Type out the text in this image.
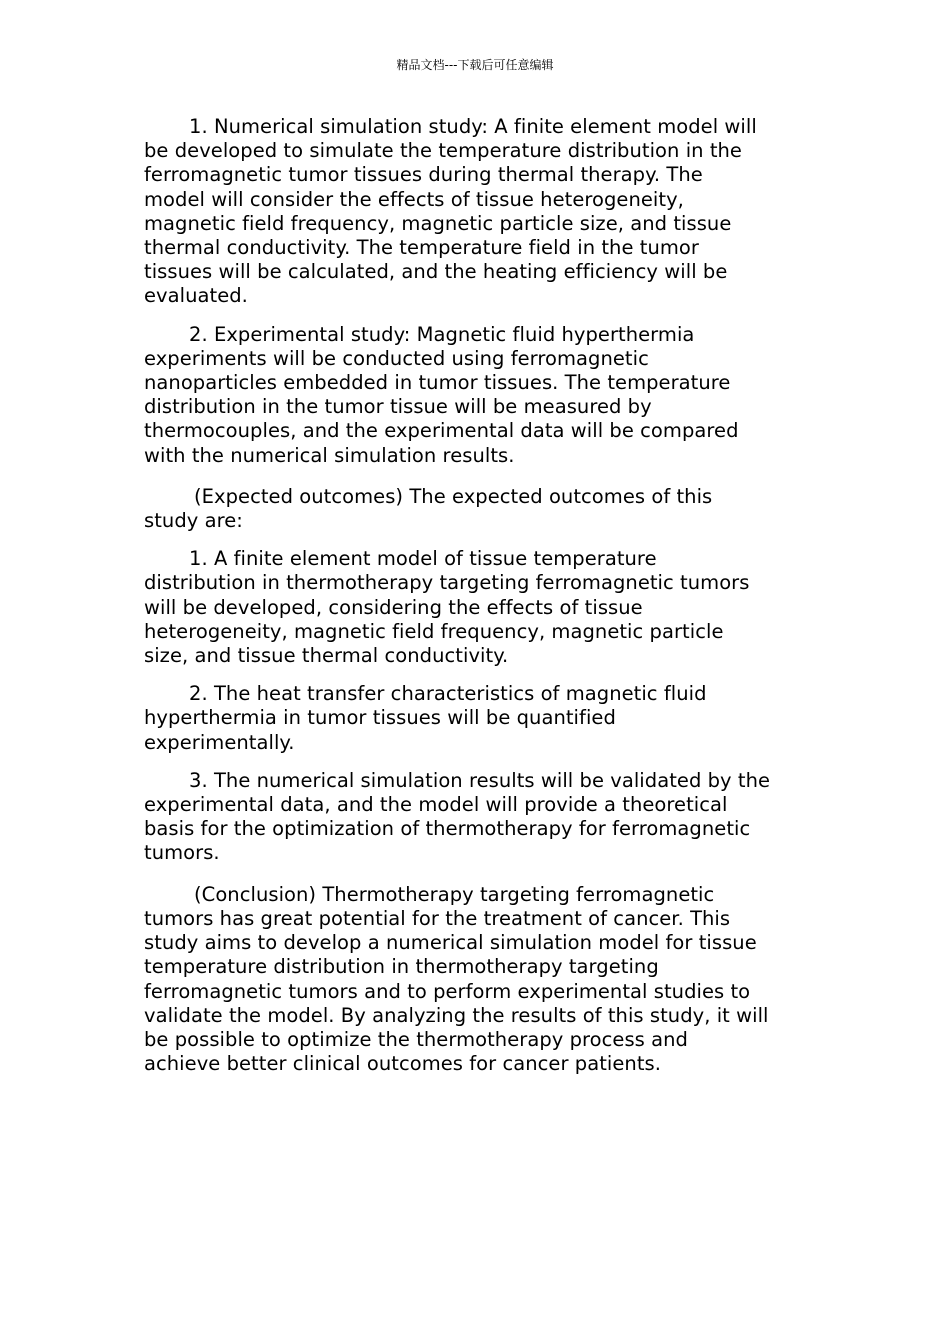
精品文档---下载后可任意编辑

1. Numerical simulation study: A finite element model will
be developed to simulate the temperature distribution in the
ferromagnetic tumor tissues during thermal therapy. The
model will consider the effects of tissue heterogeneity,
magnetic field frequency, magnetic particle size, and tissue
thermal conductivity. The temperature field in the tumor
tissues will be calculated, and the heating efficiency will be
evaluated.

2. Experimental study: Magnetic fluid hyperthermia
experiments will be conducted using ferromagnetic
nanoparticles embedded in tumor tissues. The temperature
distribution in the tumor tissue will be measured by
thermocouples, and the experimental data will be compared
with the numerical simulation results.

(Expected outcomes) The expected outcomes of this
study are:

1. A finite element model of tissue temperature
distribution in thermotherapy targeting ferromagnetic tumors
will be developed, considering the effects of tissue
heterogeneity, magnetic field frequency, magnetic particle
size, and tissue thermal conductivity.

2. The heat transfer characteristics of magnetic fluid
hyperthermia in tumor tissues will be quantified
experimentally.

3. The numerical simulation results will be validated by the
experimental data, and the model will provide a theoretical
basis for the optimization of thermotherapy for ferromagnetic
tumors.

(Conclusion) Thermotherapy targeting ferromagnetic
tumors has great potential for the treatment of cancer. This
study aims to develop a numerical simulation model for tissue
temperature distribution in thermotherapy targeting
ferromagnetic tumors and to perform experimental studies to
validate the model. By analyzing the results of this study, it will
be possible to optimize the thermotherapy process and
achieve better clinical outcomes for cancer patients.
